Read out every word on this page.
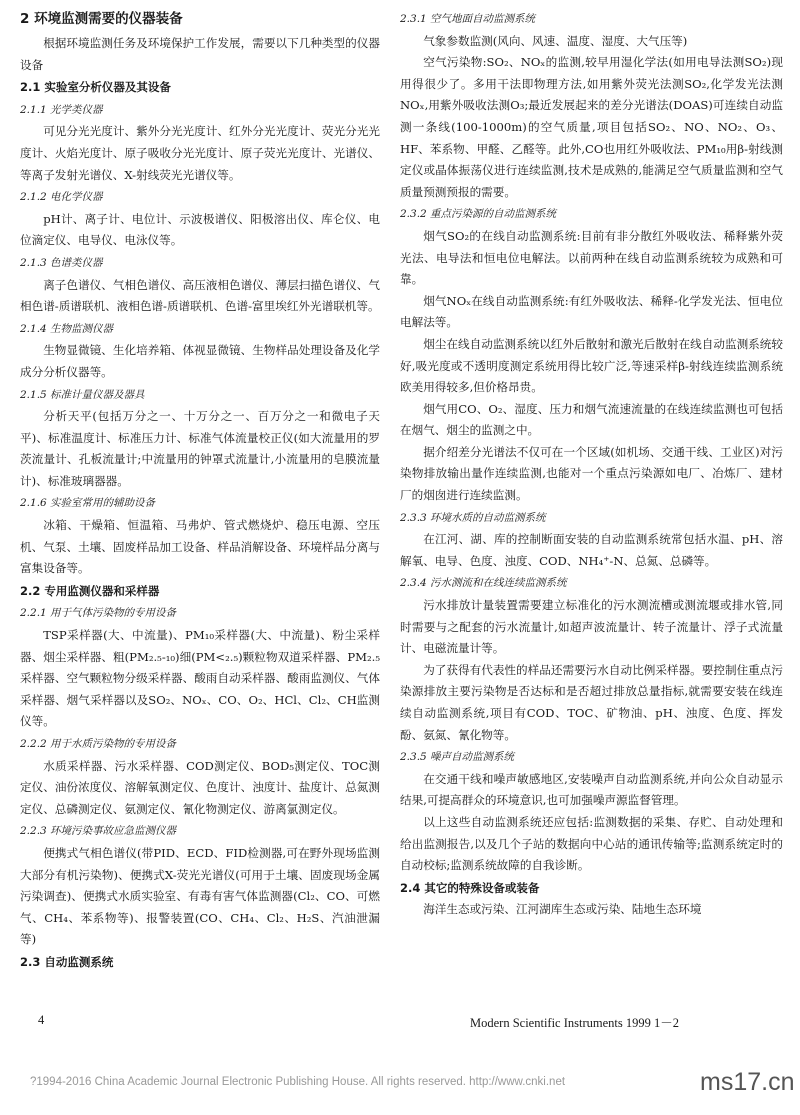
2 环境监测需要的仪器装备

根据环境监测任务及环境保护工作发展，需要以下几种类型的仪器设备

2.1 实验室分析仪器及其设备
2.1.1 光学类仪器

可见分光光度计、紫外分光光度计、红外分光光度计、荧光分光光度计、火焰光度计、原子吸收分光光度计、原子荧光光度计、光谱仪、等离子发射光谱仪、X-射线荧光光谱仪等。

2.1.2 电化学仪器

pH计、离子计、电位计、示波极谱仪、阳极溶出仪、库仑仪、电位滴定仪、电导仪、电泳仪等。

2.1.3 色谱类仪器

离子色谱仪、气相色谱仪、高压液相色谱仪、薄层扫描色谱仪、气相色谱-质谱联机、液相色谱-质谱联机、色谱-富里埃红外光谱联机等。

2.1.4 生物监测仪器

生物显微镜、生化培养箱、体视显微镜、生物样品处理设备及化学成分分析仪器等。

2.1.5 标准计量仪器及器具

分析天平(包括万分之一、十万分之一、百万分之一和微电子天平)、标准温度计、标准压力计、标准气体流量校正仪(如大流量用的罗茨流量计、孔板流量计;中流量用的钟罩式流量计,小流量用的皂膜流量计)、标准玻璃器器。

2.1.6 实验室常用的辅助设备

冰箱、干燥箱、恒温箱、马弗炉、管式燃烧炉、稳压电源、空压机、气泵、土壤、固废样品加工设备、样品消解设备、环境样品分离与富集设备等。

2.2 专用监测仪器和采样器
2.2.1 用于气体污染物的专用设备

TSP采样器(大、中流量)、PM₁₀采样器(大、中流量)、粉尘采样器、烟尘采样器、粗(PM₂.₅-₁₀)细(PM<₂.₅)颗粒物双道采样器、PM₂.₅采样器、空气颗粒物分级采样器、酸雨自动采样器、酸雨监测仪、气体采样器、烟气采样器以及SO₂、NOₓ、CO、O₂、HCl、Cl₂、CH监测仪等。

2.2.2 用于水质污染物的专用设备

水质采样器、污水采样器、COD测定仪、BOD₅测定仪、TOC测定仪、油份浓度仪、溶解氧测定仪、色度计、浊度计、盐度计、总氮测定仪、总磷测定仪、氨测定仪、氰化物测定仪、游离氯测定仪。

2.2.3 环境污染事故应急监测仪器

便携式气相色谱仪(带PID、ECD、FID检测器,可在野外现场监测大部分有机污染物)、便携式X-荧光光谱仪(可用于土壤、固废现场金属污染调查)、便携式水质实验室、有毒有害气体监测器(Cl₂、CO、可燃气、CH₄、苯系物等)、报警装置(CO、CH₄、Cl₂、H₂S、汽油泄漏等)

2.3 自动监测系统
2.3.1 空气地面自动监测系统

气象参数监测(风向、风速、温度、湿度、大气压等)

空气污染物:SO₂、NOₓ的监测,较早用湿化学法(如用电导法测SO₂)现用得很少了。多用干法即物理方法,如用紫外荧光法测SO₂,化学发光法测NOₓ,用紫外吸收法测O₃;最近发展起来的差分光谱法(DOAS)可连续自动监测一条线(100-1000m)的空气质量,项目包括SO₂、NO、NO₂、O₃、HF、苯系物、甲醛、乙醛等。此外,CO也用红外吸收法、PM₁₀用β-射线测定仪或晶体振荡仪进行连续监测,技术是成熟的,能满足空气质量监测和空气质量预测预报的需要。

2.3.2 重点污染源的自动监测系统

烟气SO₂的在线自动监测系统:目前有非分散红外吸收法、稀释紫外荧光法、电导法和恒电位电解法。以前两种在线自动监测系统较为成熟和可靠。

烟气NOₓ在线自动监测系统:有红外吸收法、稀释-化学发光法、恒电位电解法等。

烟尘在线自动监测系统以红外后散射和激光后散射在线自动监测系统较好,吸光度或不透明度测定系统用得比较广泛,等速采样β-射线连续监测系统欧美用得较多,但价格昂贵。

烟气用CO、O₂、湿度、压力和烟气流速流量的在线连续监测也可包括在烟气、烟尘的监测之中。

据介绍差分光谱法不仅可在一个区域(如机场、交通干线、工业区)对污染物排放输出量作连续监测,也能对一个重点污染源如电厂、冶炼厂、建材厂的烟囱进行连续监测。

2.3.3 环境水质的自动监测系统

在江河、湖、库的控制断面安装的自动监测系统常包括水温、pH、溶解氧、电导、色度、浊度、COD、NH₄⁺-N、总氮、总磷等。

2.3.4 污水测流和在线连续监测系统

污水排放计量装置需要建立标准化的污水测流槽或测流堰或排水管,同时需要与之配套的污水流量计,如超声波流量计、转子流量计、浮子式流量计、电磁流量计等。

为了获得有代表性的样品还需要污水自动比例采样器。要控制住重点污染源排放主要污染物是否达标和是否超过排放总量指标,就需要安装在线连续自动监测系统,项目有COD、TOC、矿物油、pH、浊度、色度、挥发酚、氨氮、氰化物等。

2.3.5 噪声自动监测系统

在交通干线和噪声敏感地区,安装噪声自动监测系统,并向公众自动显示结果,可提高群众的环境意识,也可加强噪声源监督管理。

以上这些自动监测系统还应包括:监测数据的采集、存贮、自动处理和给出监测报告,以及几个子站的数据向中心站的通讯传输等;监测系统定时的自动校标;监测系统故障的自我诊断。

2.4 其它的特殊设备或装备

海洋生态或污染、江河湖库生态或污染、陆地生态环境

4	Modern Scientific Instruments 1999 1－2
?1994-2016 China Academic Journal Electronic Publishing House. All rights reserved. http://www.cnki.net	ms17.cn
